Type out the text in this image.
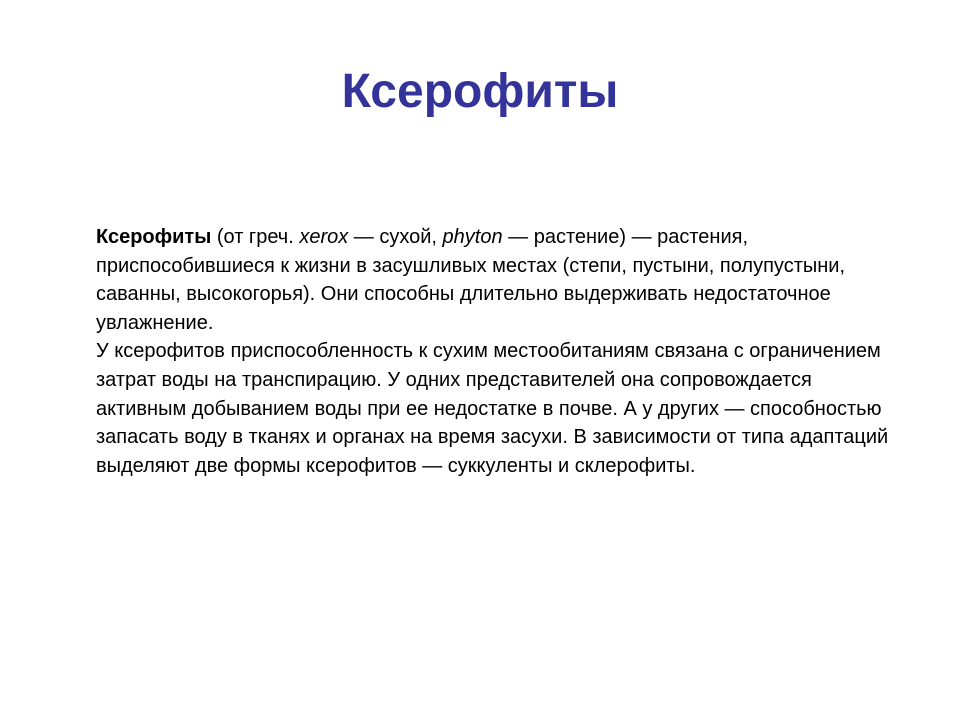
Ксерофиты

Ксерофиты (от греч. xerox — сухой, phyton — растение) — растения, приспособившиеся к жизни в засушливых местах (степи, пустыни, полупустыни, саванны, высокогорья). Они способны длительно выдерживать недостаточное увлажнение.

У ксерофитов приспособленность к сухим местообитаниям связана с ограничением затрат воды на транспирацию. У одних представителей она сопровождается активным добыванием воды при ее недостатке в почве. А у других — способностью запасать воду в тканях и органах на время засухи. В зависимости от типа адаптаций выделяют две формы ксерофитов — суккуленты и склерофиты.
